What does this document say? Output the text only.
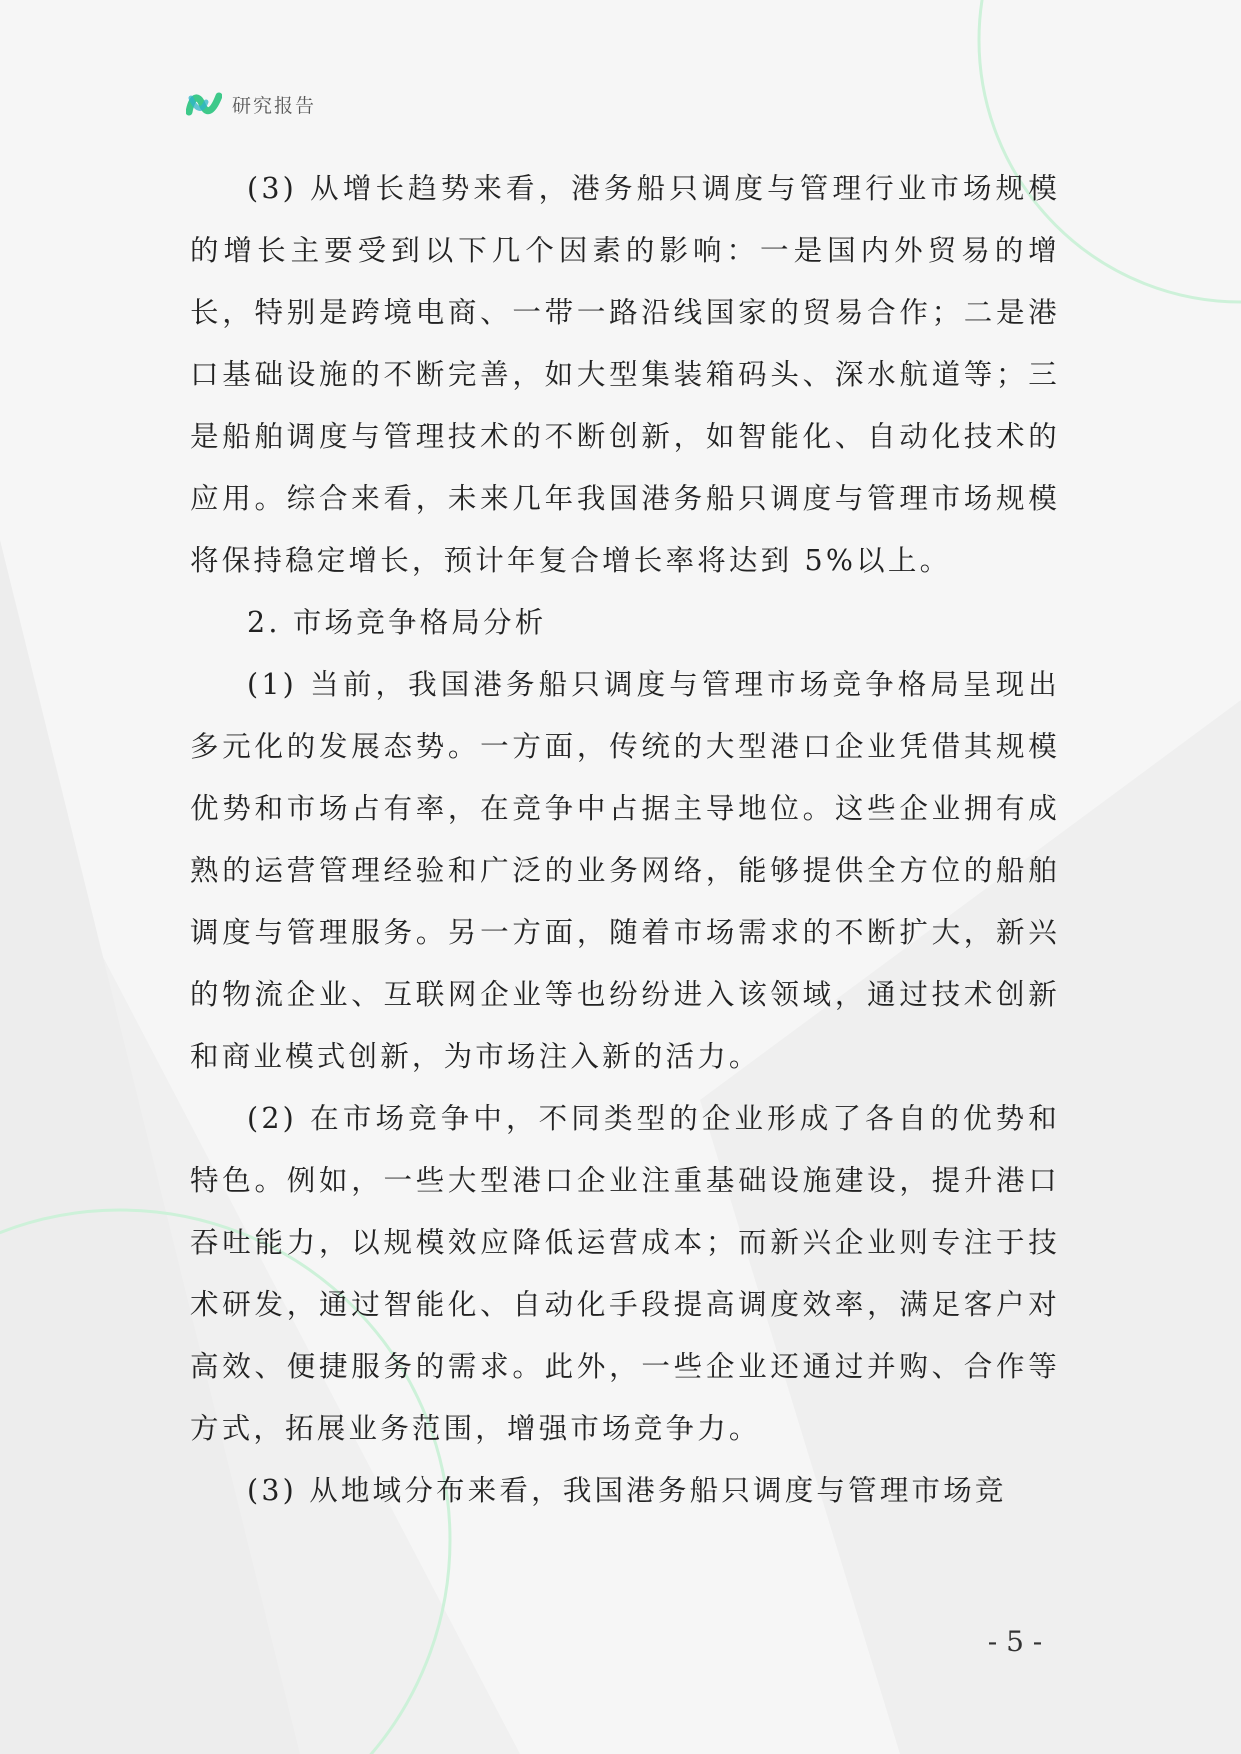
研究报告

(3) 从增长趋势来看，港务船只调度与管理行业市场规模的增长主要受到以下几个因素的影响：一是国内外贸易的增长，特别是跨境电商、一带一路沿线国家的贸易合作；二是港口基础设施的不断完善，如大型集装箱码头、深水航道等；三是船舶调度与管理技术的不断创新，如智能化、自动化技术的应用。综合来看，未来几年我国港务船只调度与管理市场规模将保持稳定增长，预计年复合增长率将达到 5%以上。

2. 市场竞争格局分析

(1) 当前，我国港务船只调度与管理市场竞争格局呈现出多元化的发展态势。一方面，传统的大型港口企业凭借其规模优势和市场占有率，在竞争中占据主导地位。这些企业拥有成熟的运营管理经验和广泛的业务网络，能够提供全方位的船舶调度与管理服务。另一方面，随着市场需求的不断扩大，新兴的物流企业、互联网企业等也纷纷进入该领域，通过技术创新和商业模式创新，为市场注入新的活力。

(2) 在市场竞争中，不同类型的企业形成了各自的优势和特色。例如，一些大型港口企业注重基础设施建设，提升港口吞吐能力，以规模效应降低运营成本；而新兴企业则专注于技术研发，通过智能化、自动化手段提高调度效率，满足客户对高效、便捷服务的需求。此外，一些企业还通过并购、合作等方式，拓展业务范围，增强市场竞争力。

(3) 从地域分布来看，我国港务船只调度与管理市场竞

- 5 -
